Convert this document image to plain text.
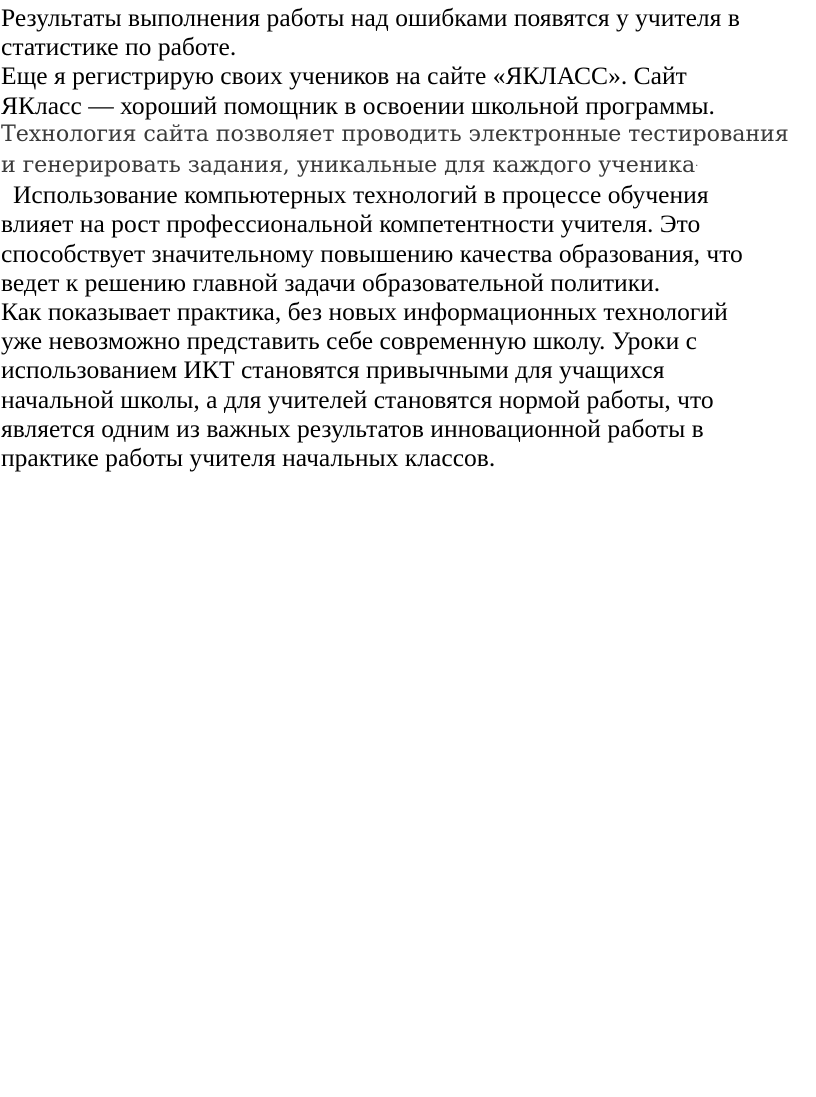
Результаты выполнения работы над ошибками появятся у учителя в
статистике по работе.
Еще я регистрирую своих учеников на сайте «ЯКЛАСС». Сайт
ЯКласс — хороший помощник в освоении школьной программы.
Технология сайта позволяет проводить электронные тестирования
и генерировать задания, уникальные для каждого ученика.
Использование компьютерных технологий в процессе обучения
влияет на рост профессиональной компетентности учителя. Это
способствует значительному повышению качества образования, что
ведет к решению главной задачи образовательной политики.
Как показывает практика, без новых информационных технологий
уже невозможно представить себе современную школу. Уроки с
использованием ИКТ становятся привычными для учащихся
начальной школы, а для учителей становятся нормой работы, что
является одним из важных результатов инновационной работы в
практике работы учителя начальных классов.
